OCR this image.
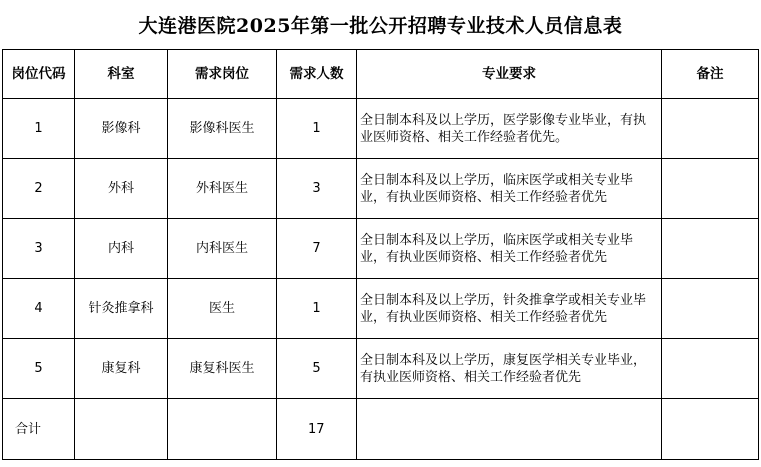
大连港医院2025年第一批公开招聘专业技术人员信息表
岗位代码	科室	需求岗位	需求人数	专业要求	备注
1	影像科	影像科医生	1	全日制本科及以上学历，医学影像专业毕业，有执业医师资格、相关工作经验者优先。	
2	外科	外科医生	3	全日制本科及以上学历，临床医学或相关专业毕业，有执业医师资格、相关工作经验者优先	
3	内科	内科医生	7	全日制本科及以上学历，临床医学或相关专业毕业，有执业医师资格、相关工作经验者优先	
4	针灸推拿科	医生	1	全日制本科及以上学历，针灸推拿学或相关专业毕业，有执业医师资格、相关工作经验者优先	
5	康复科	康复科医生	5	全日制本科及以上学历，康复医学相关专业毕业，有执业医师资格、相关工作经验者优先	
合计			17		
